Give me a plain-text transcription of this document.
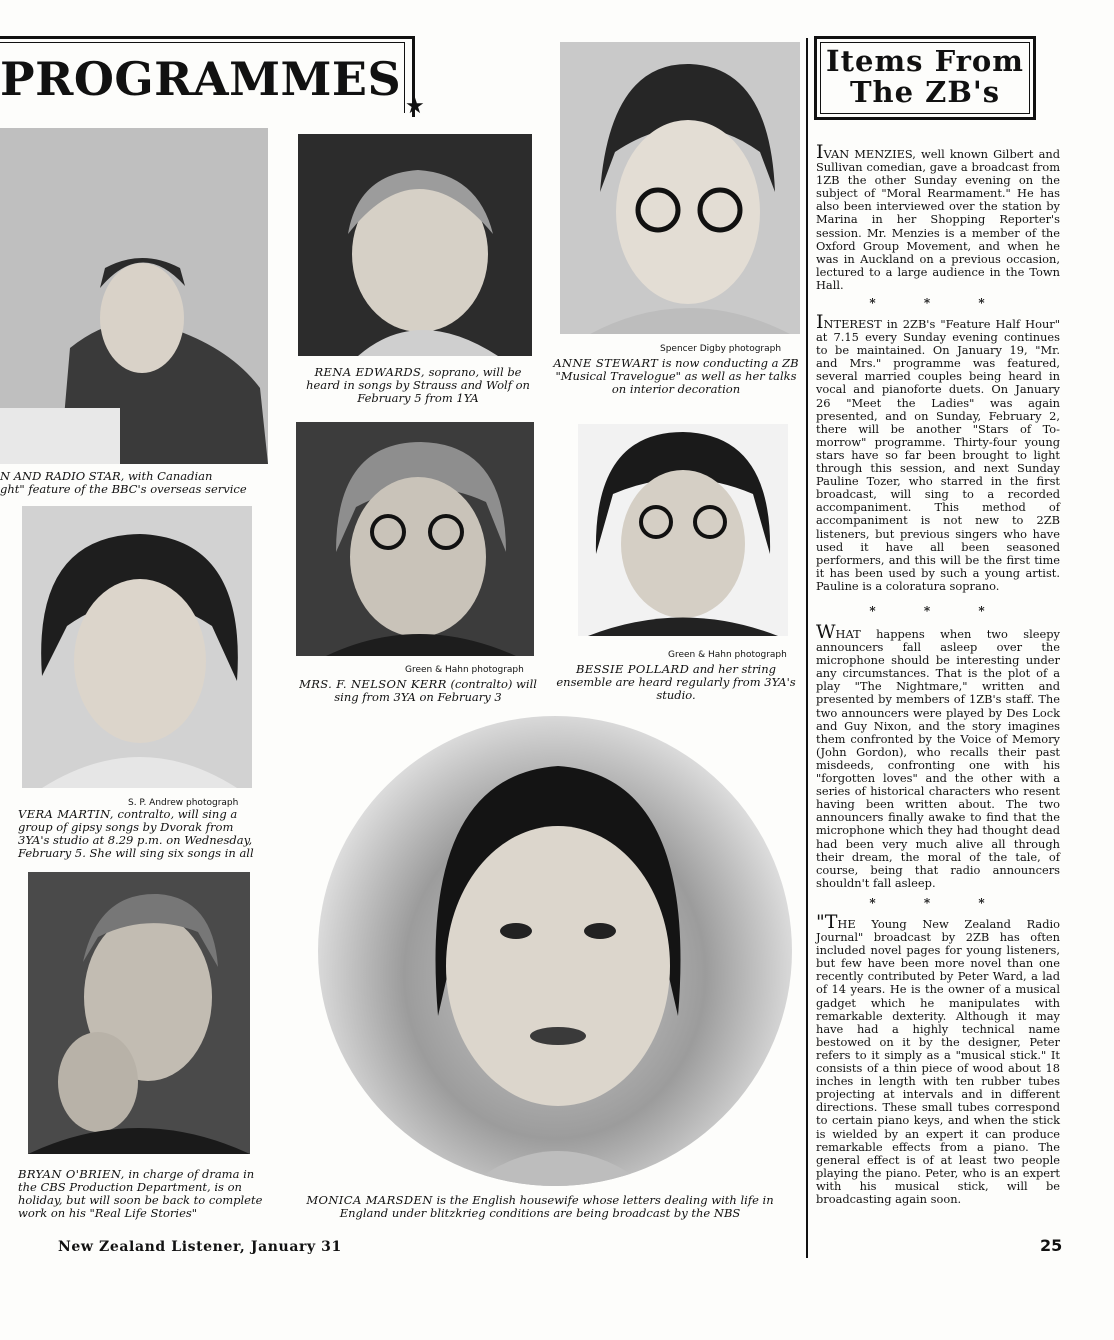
PROGRAMMES
★
N AND RADIO STAR, with Canadian
ght" feature of the BBC's overseas service
RENA EDWARDS, soprano, will be heard in songs by Strauss and Wolf on February 5 from 1YA
Spencer Digby photograph
ANNE STEWART is now conducting a ZB "Musical Travelogue" as well as her talks on interior decoration
S. P. Andrew photograph
VERA MARTIN, contralto, will sing a group of gipsy songs by Dvorak from 3YA's studio at 8.29 p.m. on Wednesday, February 5. She will sing six songs in all
Green & Hahn photograph
MRS. F. NELSON KERR (contralto) will sing from 3YA on February 3
Green & Hahn photograph
BESSIE POLLARD and her string ensemble are heard regularly from 3YA's studio.
BRYAN O'BRIEN, in charge of drama in the CBS Production Department, is on holiday, but will soon be back to complete work on his "Real Life Stories"
MONICA MARSDEN is the English housewife whose letters dealing with life in England under blitzkrieg conditions are being broadcast by the NBS
Items From
The ZB's
IVAN MENZIES, well known Gilbert and Sullivan comedian, gave a broadcast from 1ZB the other Sunday evening on the subject of "Moral Rearmament." He has also been interviewed over the station by Marina in her Shopping Reporter's session. Mr. Menzies is a member of the Oxford Group Movement, and when he was in Auckland on a previous occasion, lectured to a large audience in the Town Hall.
* * *
INTEREST in 2ZB's "Feature Half Hour" at 7.15 every Sunday evening continues to be maintained. On January 19, "Mr. and Mrs." programme was featured, several married couples being heard in vocal and pianoforte duets. On January 26 "Meet the Ladies" was again presented, and on Sunday, February 2, there will be another "Stars of To-morrow" programme. Thirty-four young stars have so far been brought to light through this session, and next Sunday Pauline Tozer, who starred in the first broadcast, will sing to a recorded accompaniment. This method of accompaniment is not new to 2ZB listeners, but previous singers who have used it have all been seasoned performers, and this will be the first time it has been used by such a young artist. Pauline is a coloratura soprano.
* * *
WHAT happens when two sleepy announcers fall asleep over the microphone should be interesting under any circumstances. That is the plot of a play "The Nightmare," written and presented by members of 1ZB's staff. The two announcers were played by Des Lock and Guy Nixon, and the story imagines them confronted by the Voice of Memory (John Gordon), who recalls their past misdeeds, confronting one with his "forgotten loves" and the other with a series of historical characters who resent having been written about. The two announcers finally awake to find that the microphone which they had thought dead had been very much alive all through their dream, the moral of the tale, of course, being that radio announcers shouldn't fall asleep.
* * *
"THE Young New Zealand Radio Journal" broadcast by 2ZB has often included novel pages for young listeners, but few have been more novel than one recently contributed by Peter Ward, a lad of 14 years. He is the owner of a musical gadget which he manipulates with remarkable dexterity. Although it may have had a highly technical name bestowed on it by the designer, Peter refers to it simply as a "musical stick." It consists of a thin piece of wood about 18 inches in length with ten rubber tubes projecting at intervals and in different directions. These small tubes correspond to certain piano keys, and when the stick is wielded by an expert it can produce remarkable effects from a piano. The general effect is of at least two people playing the piano. Peter, who is an expert with his musical stick, will be broadcasting again soon.
New Zealand Listener, January 31	25
